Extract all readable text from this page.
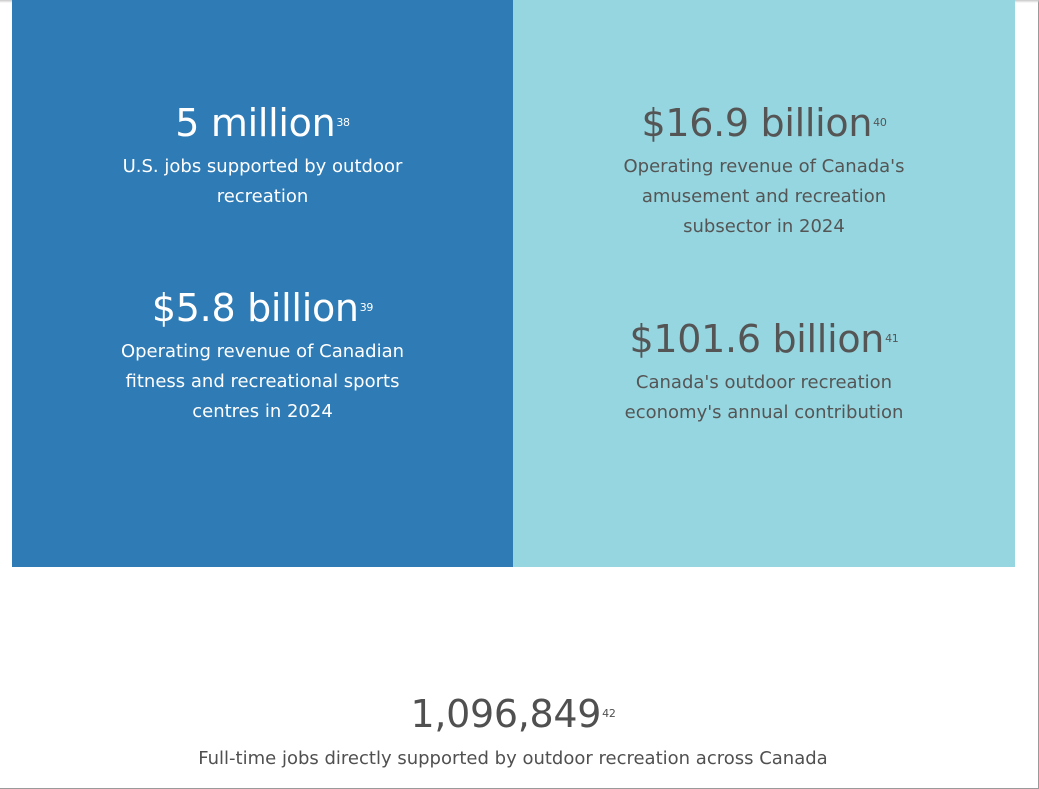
5 million$^{38}$
U.S. jobs supported by outdoor recreation
$5.8 billion$^{39}$
Operating revenue of Canadian fitness and recreational sports centres in 2024
$16.9 billion$^{40}$
Operating revenue of Canada's amusement and recreation subsector in 2024
$101.6 billion$^{41}$
Canada's outdoor recreation economy's annual contribution
1,096,849$^{42}$
Full-time jobs directly supported by outdoor recreation across Canada
